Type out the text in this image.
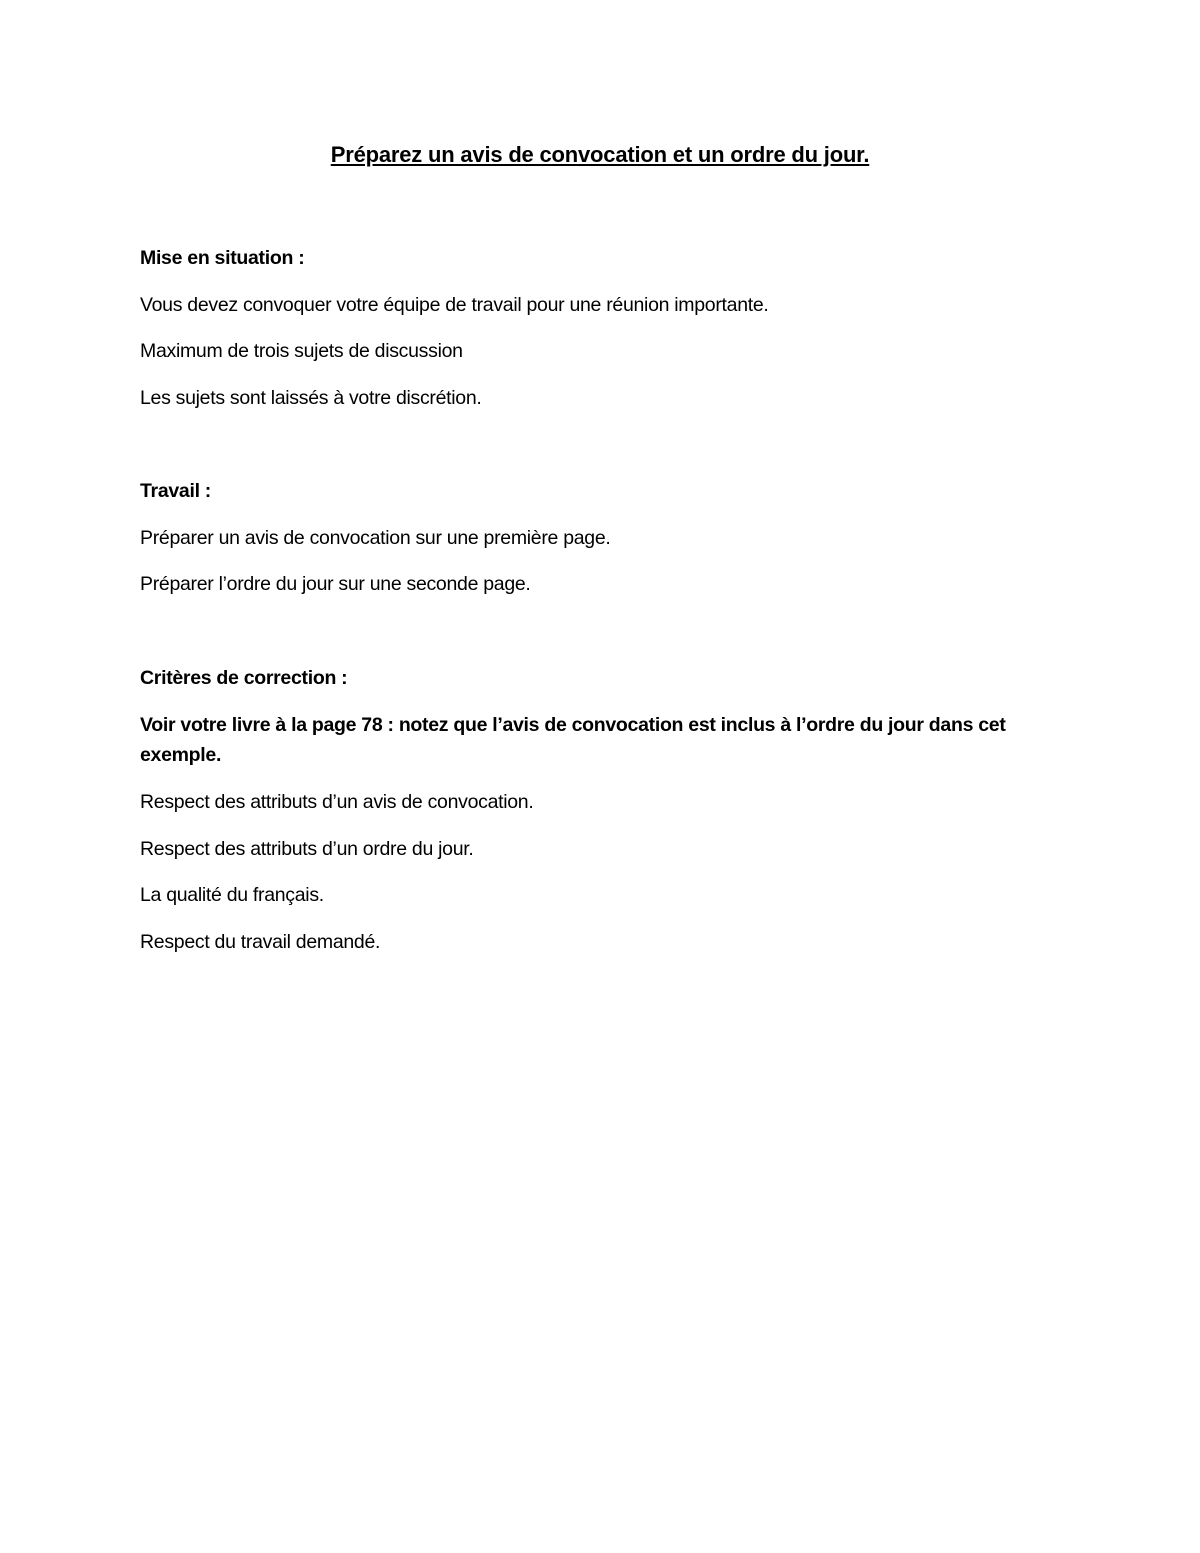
Préparez un avis de convocation et un ordre du jour.
Mise en situation :
Vous devez convoquer votre équipe de travail pour une réunion importante.
Maximum de trois sujets de discussion
Les sujets sont laissés à votre discrétion.
Travail :
Préparer un avis de convocation sur une première page.
Préparer l’ordre du jour sur une seconde page.
Critères de correction :
Voir votre livre à la page 78 : notez que l’avis de convocation est inclus à l’ordre du jour dans cet exemple.
Respect des attributs d’un avis de convocation.
Respect des attributs d’un ordre du jour.
La qualité du français.
Respect du travail demandé.
